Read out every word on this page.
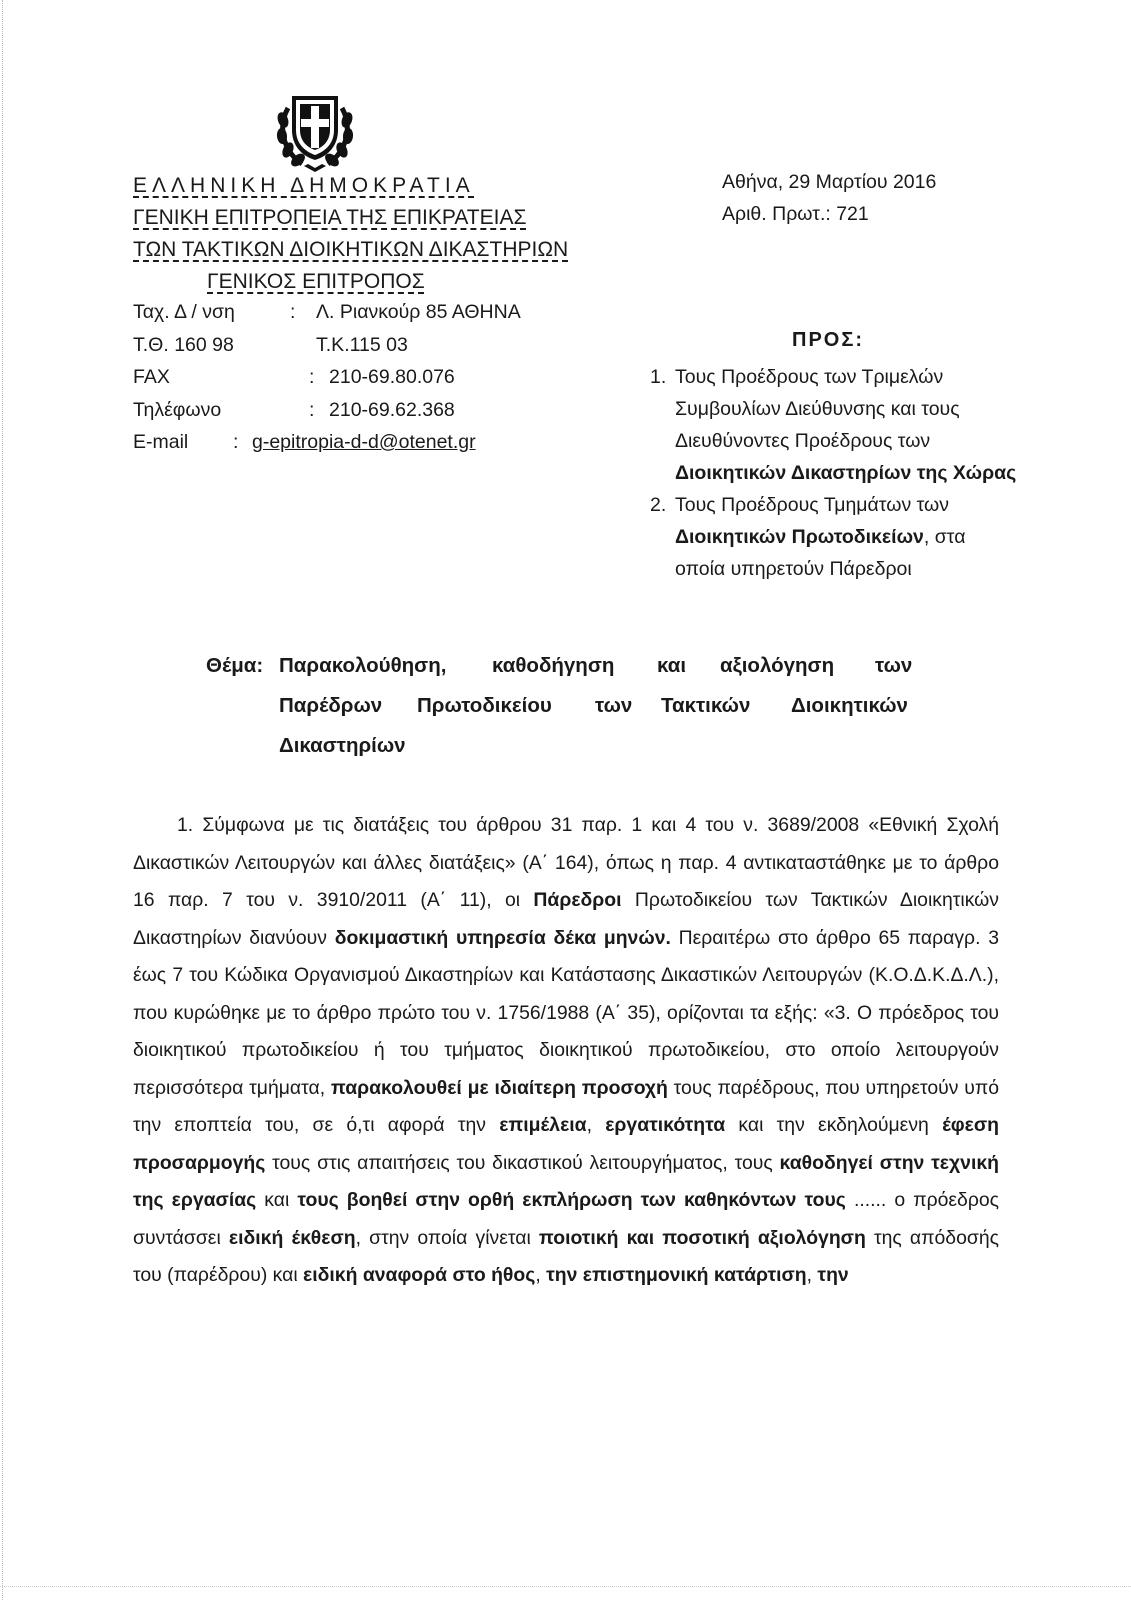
ΕΛΛΗΝΙΚΗ ΔΗΜΟΚΡΑΤΙΑ
ΓΕΝΙΚΗ ΕΠΙΤΡΟΠΕΙΑ ΤΗΣ ΕΠΙΚΡΑΤΕΙΑΣ
ΤΩΝ ΤΑΚΤΙΚΩΝ ΔΙΟΙΚΗΤΙΚΩΝ ΔΙΚΑΣΤΗΡΙΩΝ
ΓΕΝΙΚΟΣ ΕΠΙΤΡΟΠΟΣ
Ταχ. Δ / νση	: Λ. Ριανκούρ 85 ΑΘΗΝΑ
Τ.Θ. 160 98	Τ.Κ.115 03
FAX	: 210-69.80.076
Τηλέφωνο	: 210-69.62.368
E-mail : g-epitropia-d-d@otenet.gr
Αθήνα, 29 Μαρτίου 2016
Αριθ. Πρωτ.: 721
ΠΡΟΣ:
1. Τους Προέδρους των Τριμελών
Συμβουλίων Διεύθυνσης και τους
Διευθύνοντες Προέδρους των
Διοικητικών Δικαστηρίων της Χώρας
2. Τους Προέδρους Τμημάτων των
Διοικητικών Πρωτοδικείων, στα
οποία υπηρετούν Πάρεδροι
Θέμα: Παρακολούθηση, καθοδήγηση και αξιολόγηση των
Παρέδρων Πρωτοδικείου των Τακτικών Διοικητικών
Δικαστηρίων
1. Σύμφωνα με τις διατάξεις του άρθρου 31 παρ. 1 και 4 του ν. 3689/2008 «Εθνική Σχολή Δικαστικών Λειτουργών και άλλες διατάξεις» (Α΄ 164), όπως η παρ. 4 αντικαταστάθηκε με το άρθρο 16 παρ. 7 του ν. 3910/2011 (Α΄ 11), οι Πάρεδροι Πρωτοδικείου των Τακτικών Διοικητικών Δικαστηρίων διανύουν δοκιμαστική υπηρεσία δέκα μηνών. Περαιτέρω στο άρθρο 65 παραγρ. 3 έως 7 του Κώδικα Οργανισμού Δικαστηρίων και Κατάστασης Δικαστικών Λειτουργών (Κ.Ο.Δ.Κ.Δ.Λ.), που κυρώθηκε με το άρθρο πρώτο του ν. 1756/1988 (Α΄ 35), ορίζονται τα εξής: «3. Ο πρόεδρος του διοικητικού πρωτοδικείου ή του τμήματος διοικητικού πρωτοδικείου, στο οποίο λειτουργούν περισσότερα τμήματα, παρακολουθεί με ιδιαίτερη προσοχή τους παρέδρους, που υπηρετούν υπό την εποπτεία του, σε ό,τι αφορά την επιμέλεια, εργατικότητα και την εκδηλούμενη έφεση προσαρμογής τους στις απαιτήσεις του δικαστικού λειτουργήματος, τους καθοδηγεί στην τεχνική της εργασίας και τους βοηθεί στην ορθή εκπλήρωση των καθηκόντων τους ...... ο πρόεδρος συντάσσει ειδική έκθεση, στην οποία γίνεται ποιοτική και ποσοτική αξιολόγηση της απόδοσής του (παρέδρου) και ειδική αναφορά στο ήθος, την επιστημονική κατάρτιση, την
